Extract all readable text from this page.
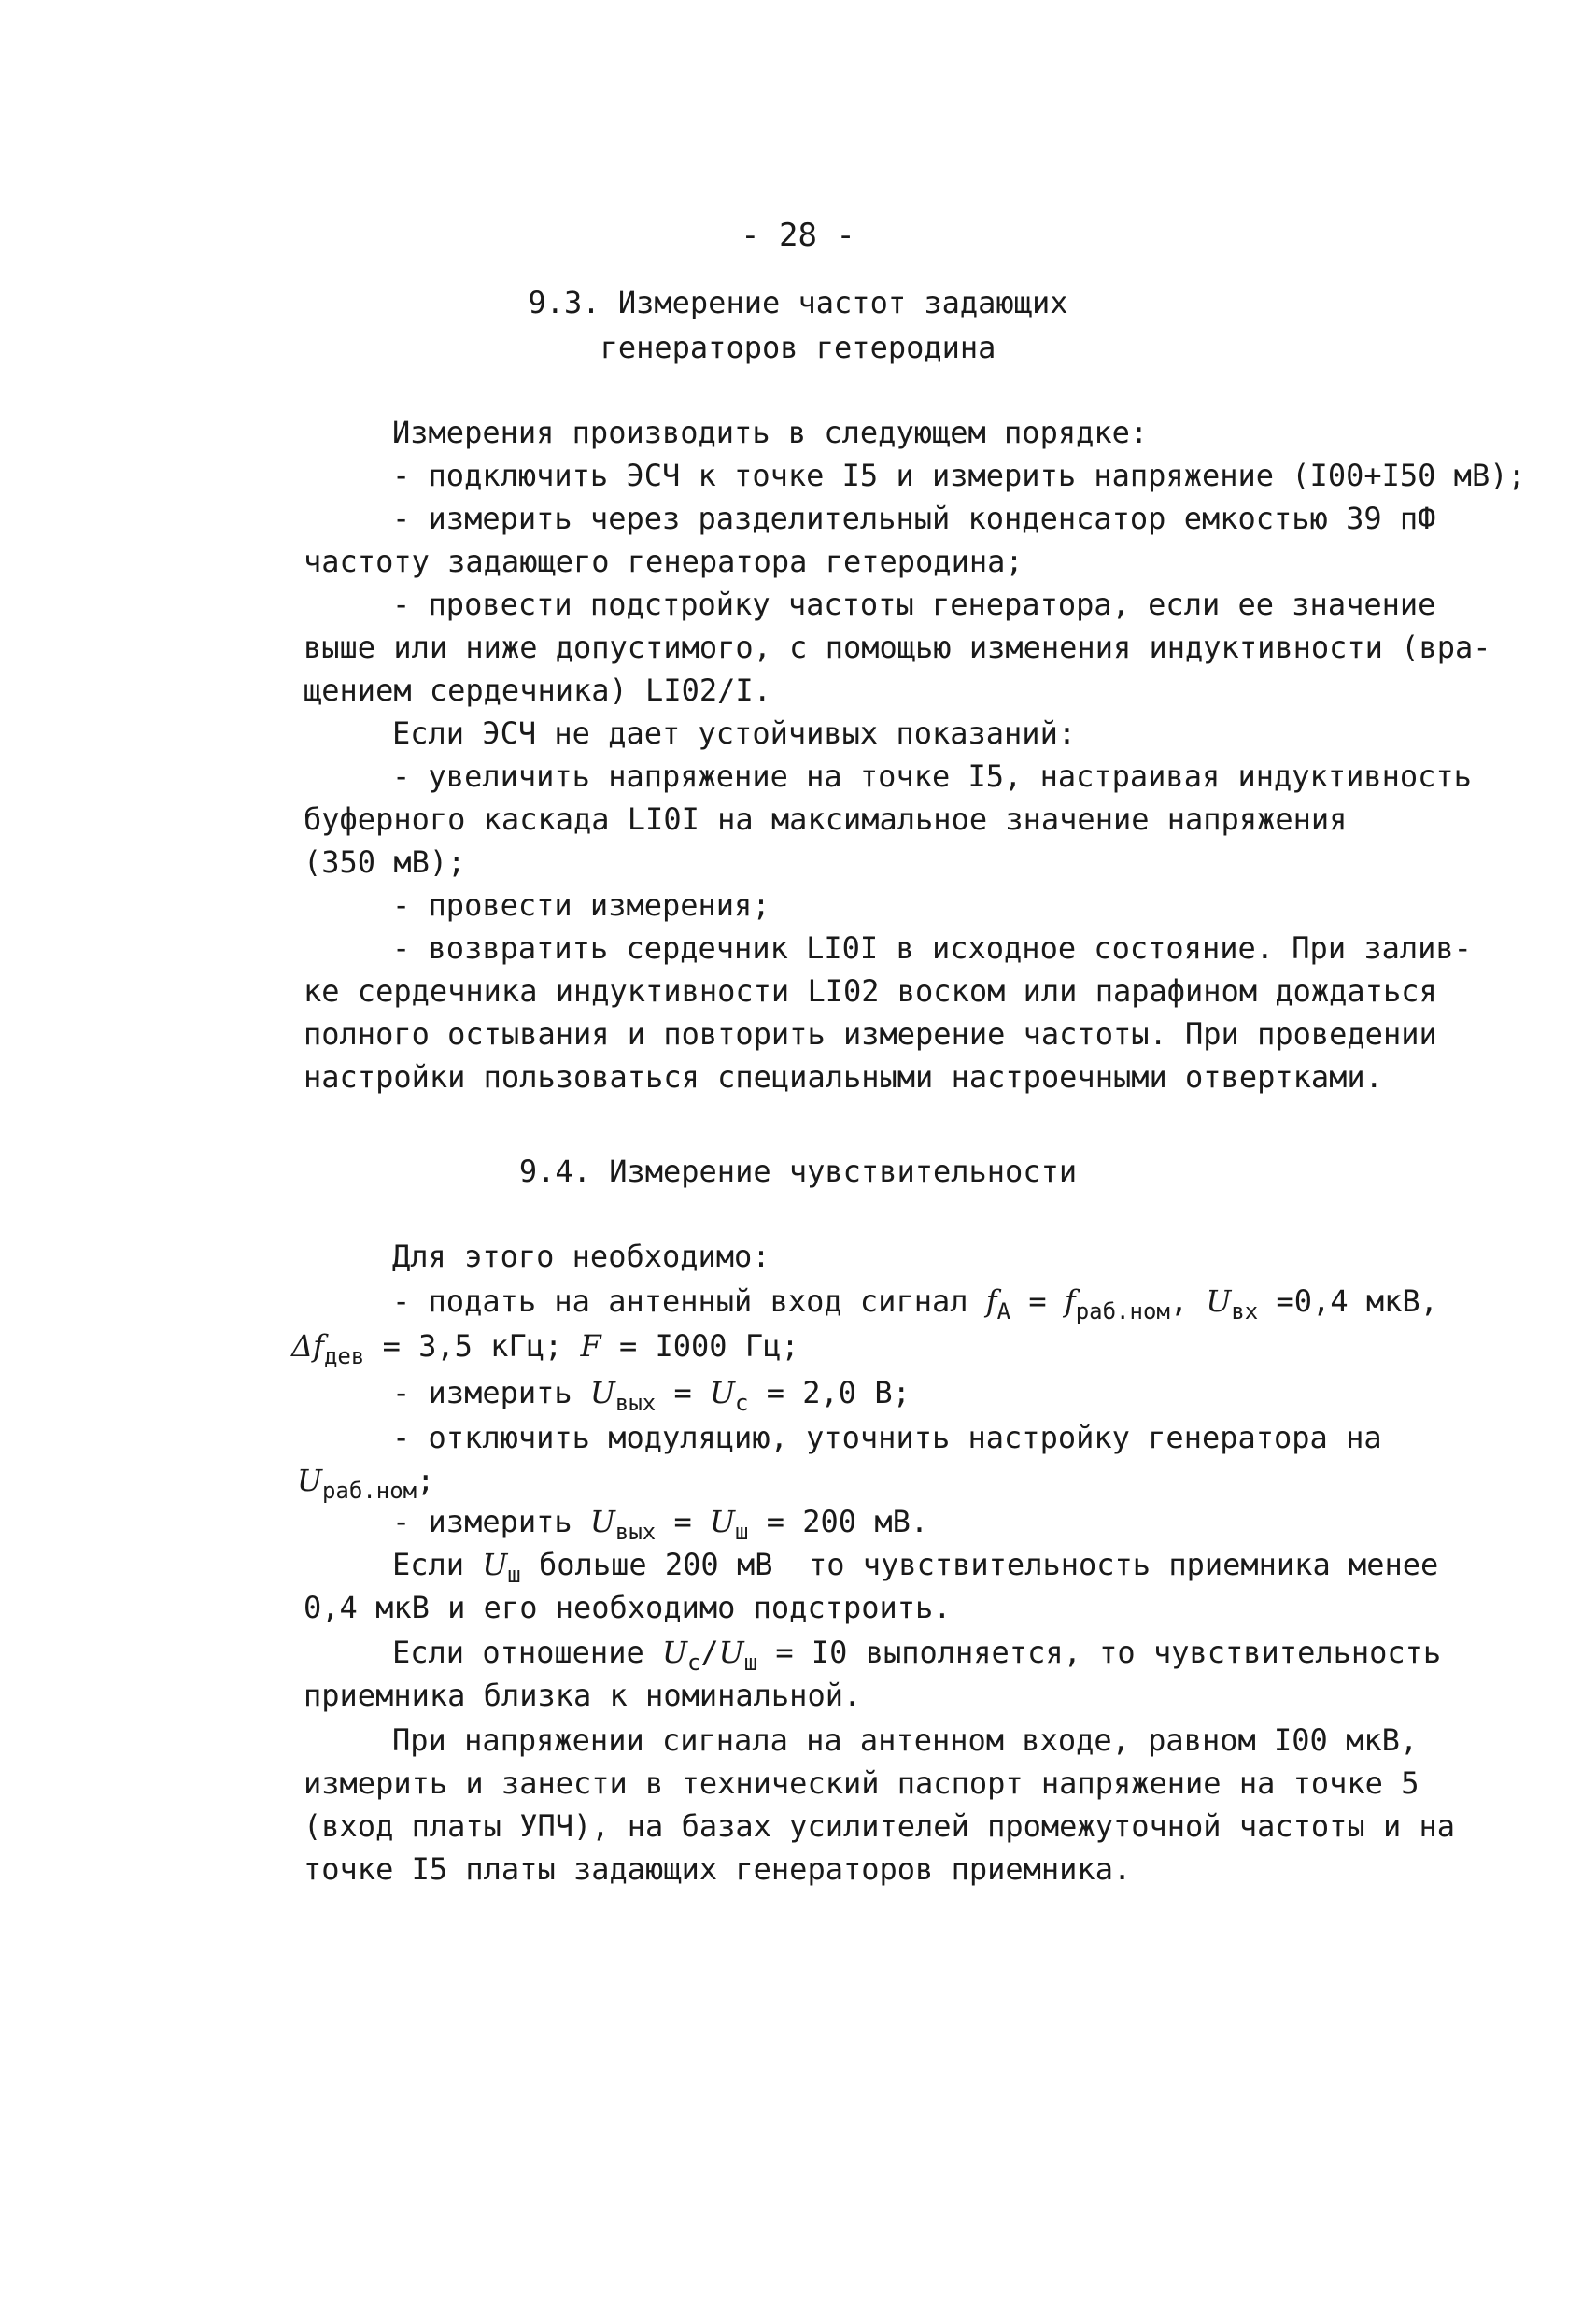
- 28 -
9.3. Измерение частот задающих
генераторов гетеродина
Измерения производить в следующем порядке:
- подключить ЭСЧ к точке I5 и измерить напряжение (I00+I50 мВ);
- измерить через разделительный конденсатор емкостью 39 пФ
частоту задающего генератора гетеродина;
- провести подстройку частоты генератора, если ее значение
выше или ниже допустимого, с помощью изменения индуктивности (вра-
щением сердечника) LI02/I.
Если ЭСЧ не дает устойчивых показаний:
- увеличить напряжение на точке I5, настраивая индуктивность
буферного каскада LI0I на максимальное значение напряжения
(350 мВ);
- провести измерения;
- возвратить сердечник LI0I в исходное состояние. При залив-
ке сердечника индуктивности LI02 воском или парафином дождаться
полного остывания и повторить измерение частоты. При проведении
настройки пользоваться специальными настроечными отвертками.
9.4. Измерение чувствительности
Для этого необходимо:
- подать на антенный вход сигнал $f_A = f_{раб.ном}$, $U_{вх} =0,4$ мкВ,
$\Delta f_{дев} = 3,5$ кГц; F = I000 Гц;
- измерить $U_{вых} = U_с = 2,0$ В;
- отключить модуляцию, уточнить настройку генератора на
$U_{раб.ном}$;
- измерить $U_{вых} = U_ш = 200$ мВ.
Если $U_ш$ больше 200 мВ  то чувствительность приемника менее
0,4 мкВ и его необходимо подстроить.
Если отношение $U_с/U_ш = I0$ выполняется, то чувствительность
приемника близка к номинальной.
При напряжении сигнала на антенном входе, равном I00 мкВ,
измерить и занести в технический паспорт напряжение на точке 5
(вход платы УПЧ), на базах усилителей промежуточной частоты и на
точке I5 платы задающих генераторов приемника.
